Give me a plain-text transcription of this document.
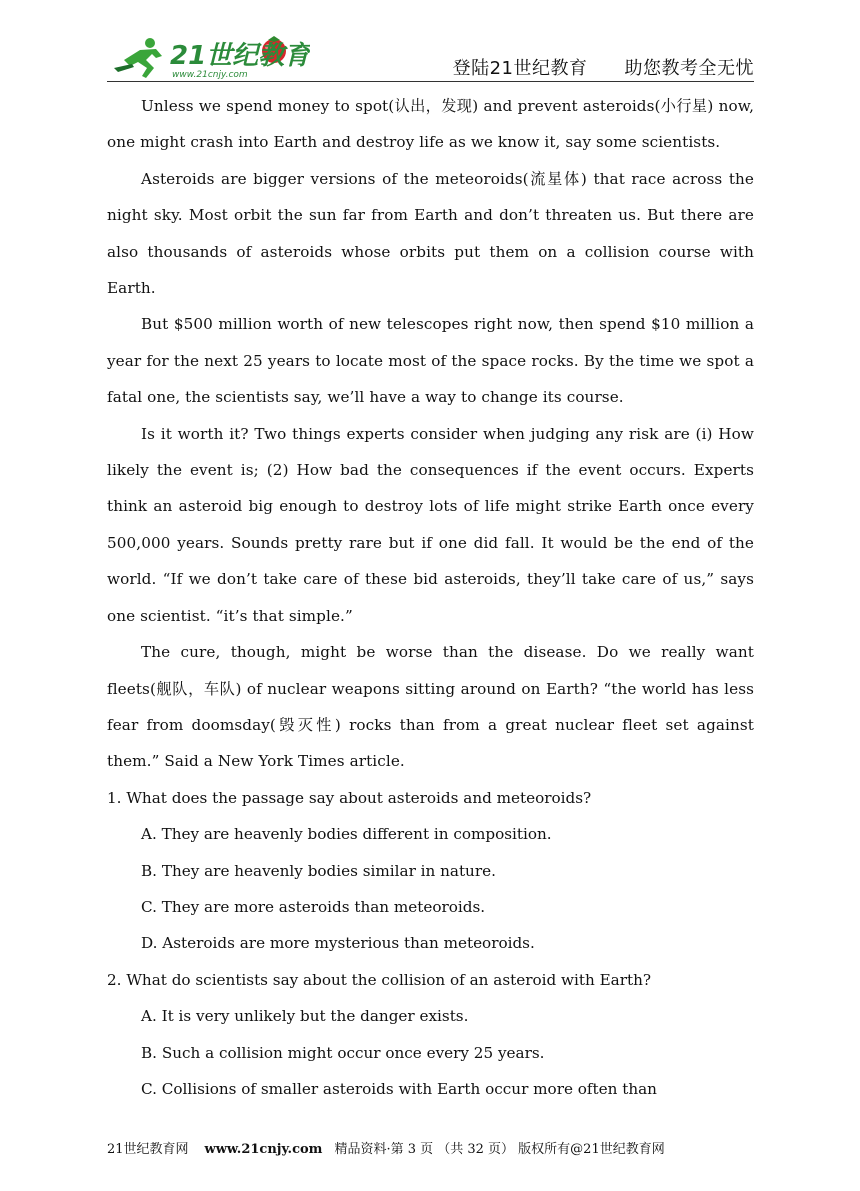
21世纪教育
www.21cnjy.com	登陆21世纪教育　　助您教考全无忧

Unless we spend money to spot(认出，发现) and prevent asteroids(小行星) now, one might crash into Earth and destroy life as we know it, say some scientists.

Asteroids are bigger versions of the meteoroids(流星体) that race across the night sky. Most orbit the sun far from Earth and don’t threaten us. But there are also thousands of asteroids whose orbits put them on a collision course with Earth.

But $500 million worth of new telescopes right now, then spend $10 million a year for the next 25 years to locate most of the space rocks. By the time we spot a fatal one, the scientists say, we’ll have a way to change its course.

Is it worth it? Two things experts consider when judging any risk are (i) How likely the event is; (2) How bad the consequences if the event occurs. Experts think an asteroid big enough to destroy lots of life might strike Earth once every 500,000 years. Sounds pretty rare but if one did fall. It would be the end of the world. “If we don’t take care of these bid asteroids, they’ll take care of us,” says one scientist. “it’s that simple.”

The cure, though, might be worse than the disease. Do we really want fleets(舰队，车队) of nuclear weapons sitting around on Earth? “the world has less fear from doomsday(毁灭性) rocks than from a great nuclear fleet set against them.” Said a New York Times article.

1. What does the passage say about asteroids and meteoroids?

A. They are heavenly bodies different in composition.

B. They are heavenly bodies similar in nature.

C. They are more asteroids than meteoroids.

D. Asteroids are more mysterious than meteoroids.

2. What do scientists say about the collision of an asteroid with Earth?

A. It is very unlikely but the danger exists.

B. Such a collision might occur once every 25 years.

C. Collisions of smaller asteroids with Earth occur more often than

21世纪教育网 www.21cnjy.com 精品资料·第 3 页 （共 32 页） 版权所有@21世纪教育网
